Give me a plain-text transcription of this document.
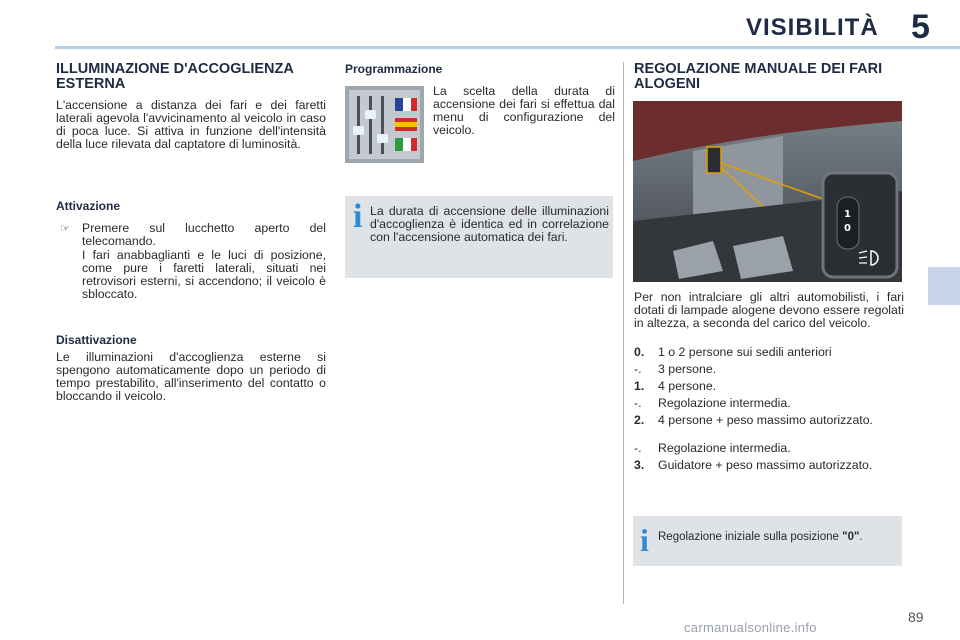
VISIBILITÀ 5
ILLUMINAZIONE D'ACCOGLIENZA ESTERNA

L'accensione a distanza dei fari e dei faretti laterali agevola l'avvicinamento al veicolo in caso di poca luce. Si attiva in funzione dell'intensità della luce rilevata dal captatore di luminosità.

Attivazione
☞ Premere sul lucchetto aperto del telecomando.
I fari anabbaglianti e le luci di posizione, come pure i faretti laterali, situati nei retrovisori esterni, si accendono; il veicolo è sbloccato.
Disattivazione

Le illuminazioni d'accoglienza esterne si spengono automaticamente dopo un periodo di tempo prestabilito, all'inserimento del contatto o bloccando il veicolo.

Programmazione

La scelta della durata di accensione dei fari si effettua dal menu di configurazione del veicolo.

i La durata di accensione delle illuminazioni d'accoglienza è identica ed in correlazione con l'accensione automatica dei fari.

REGOLAZIONE MANUALE DEI FARI ALOGENI
1
0

Per non intralciare gli altri automobilisti, i fari dotati di lampade alogene devono essere regolati in altezza, a seconda del carico del veicolo.

0.	1 o 2 persone sui sedili anteriori
-.	3 persone.
1.	4 persone.
-.	Regolazione intermedia.
2.	4 persone + peso massimo autorizzato.
-.	Regolazione intermedia.
3.	Guidatore + peso massimo autorizzato.
i Regolazione iniziale sulla posizione "0".
89
carmanualsonline.info
